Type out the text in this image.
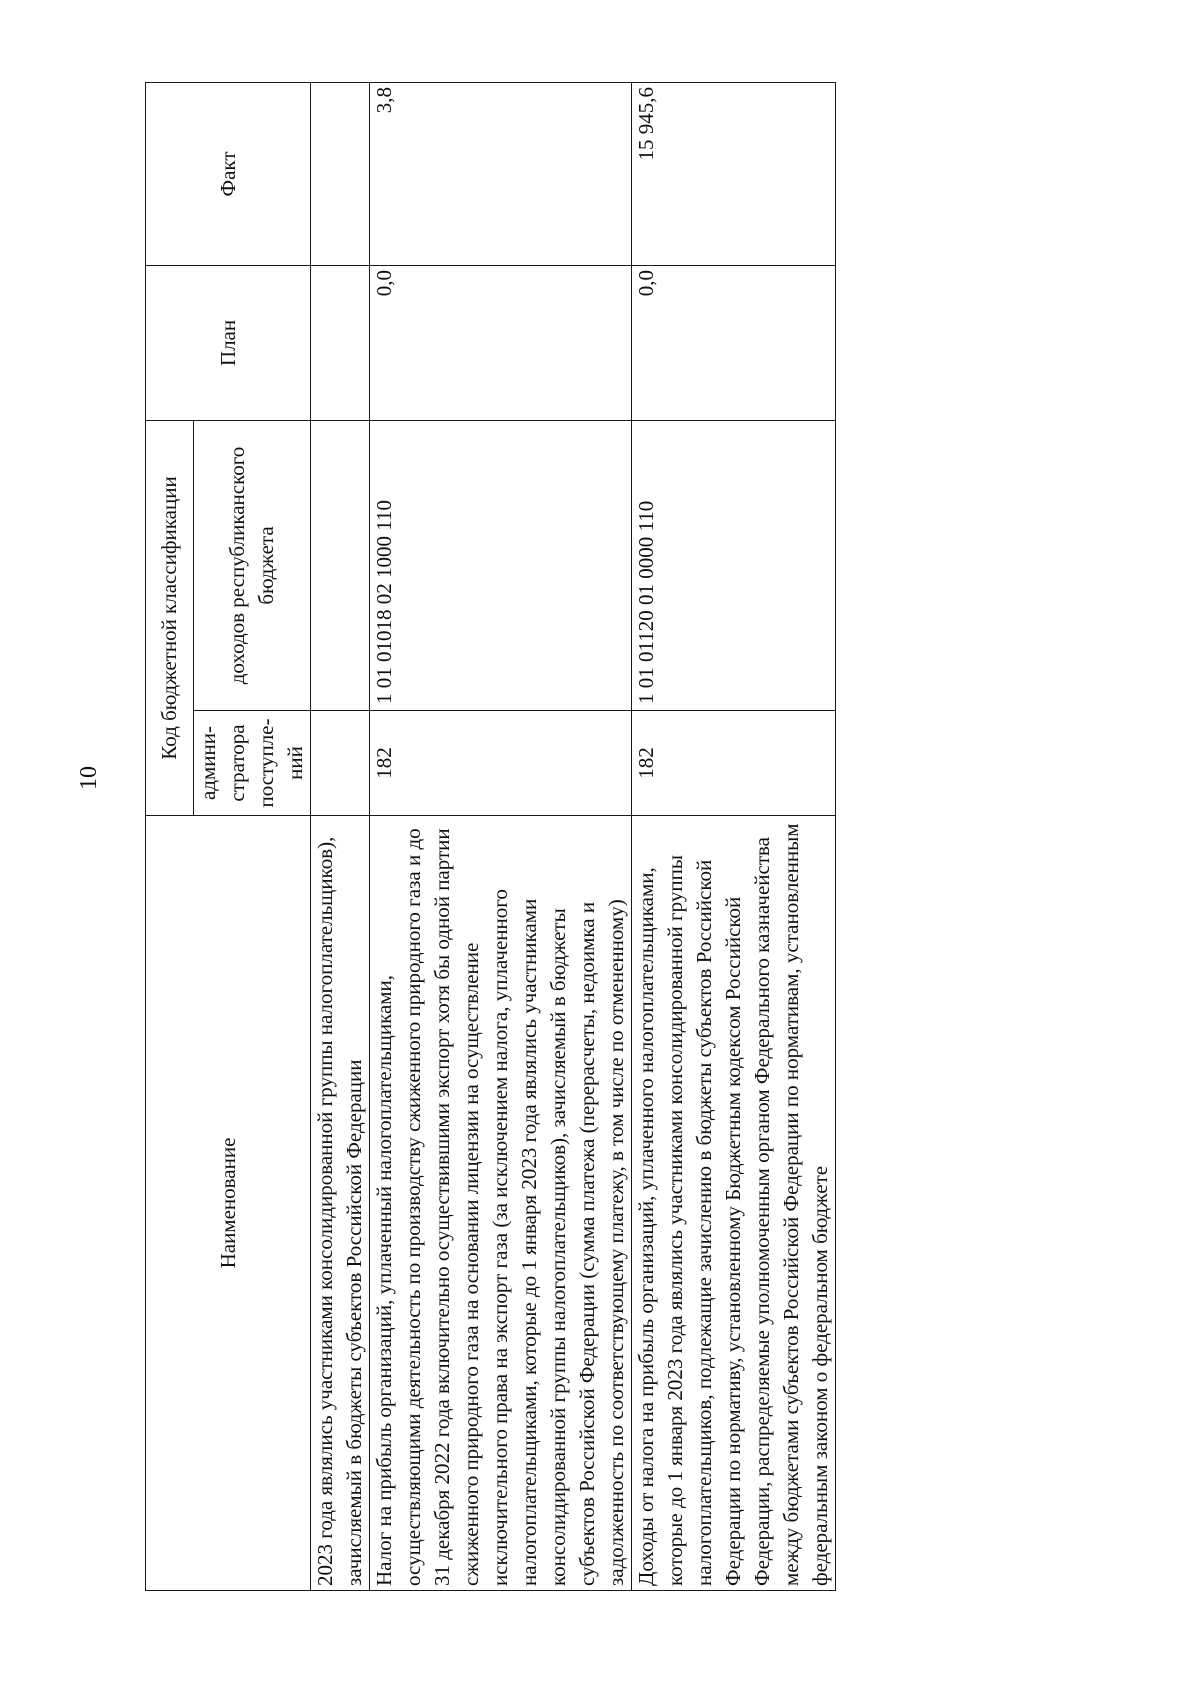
10
Наименование	Код бюджетной классификации		План	Факт
	админи-стратора поступле-ний	доходов республиканского бюджета		
2023 года являлись участниками консолидированной группы налогоплательщиков), зачисляемый в бюджеты субъектов Российской Федерации				
Налог на прибыль организаций, уплаченный налогоплательщиками, осуществляющими деятельность по производству сжиженного природного газа и до 31 декабря 2022 года включительно осуществившими экспорт хотя бы одной партии сжиженного природного газа на основании лицензии на осуществление исключительного права на экспорт газа (за исключением налога, уплаченного налогоплательщиками, которые до 1 января 2023 года являлись участниками консолидированной группы налогоплательщиков), зачисляемый в бюджеты субъектов Российской Федерации (сумма платежа (перерасчеты, недоимка и задолженность по соответствующему платежу, в том числе по отмененному)	182	1 01 01018 02 1000 110	0,0	3,8
Доходы от налога на прибыль организаций, уплаченного налогоплательщиками, которые до 1 января 2023 года являлись участниками консолидированной группы налогоплательщиков, подлежащие зачислению в бюджеты субъектов Российской Федерации по нормативу, установленному Бюджетным кодексом Российской Федерации, распределяемые уполномоченным органом Федерального казначейства между бюджетами субъектов Российской Федерации по нормативам, установленным федеральным законом о федеральном бюджете	182	1 01 01120 01 0000 110	0,0	15 945,6
